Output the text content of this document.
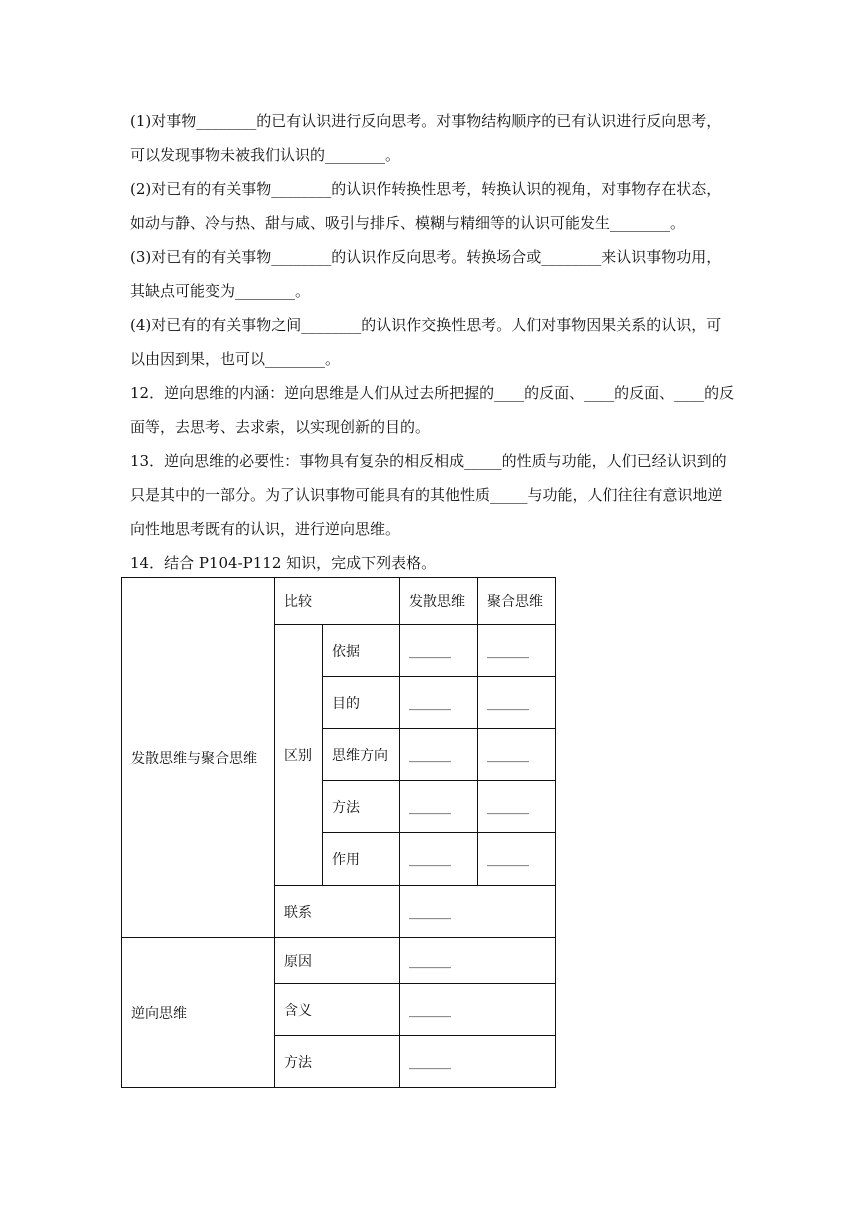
(1)对事物________的已有认识进行反向思考。对事物结构顺序的已有认识进行反向思考，
可以发现事物未被我们认识的________。

(2)对已有的有关事物________的认识作转换性思考，转换认识的视角，对事物存在状态，
如动与静、冷与热、甜与咸、吸引与排斥、模糊与精细等的认识可能发生________。

(3)对已有的有关事物________的认识作反向思考。转换场合或________来认识事物功用，
其缺点可能变为________。

(4)对已有的有关事物之间________的认识作交换性思考。人们对事物因果关系的认识，可
以由因到果，也可以________。

12．逆向思维的内涵：逆向思维是人们从过去所把握的____的反面、____的反面、____的反
面等，去思考、去求索，以实现创新的目的。

13．逆向思维的必要性：事物具有复杂的相反相成_____的性质与功能，人们已经认识到的
只是其中的一部分。为了认识事物可能具有的其他性质_____与功能，人们往往有意识地逆
向性地思考既有的认识，进行逆向思维。

14．结合 P104-P112 知识，完成下列表格。

发散思维与聚合思维	比较		发散思维	聚合思维
	区别	依据	______	______
		目的	______	______
		思维方向	______	______
		方法	______	______
		作用	______	______
	联系		______	
逆向思维	原因		______	
	含义		______	
	方法		______	
